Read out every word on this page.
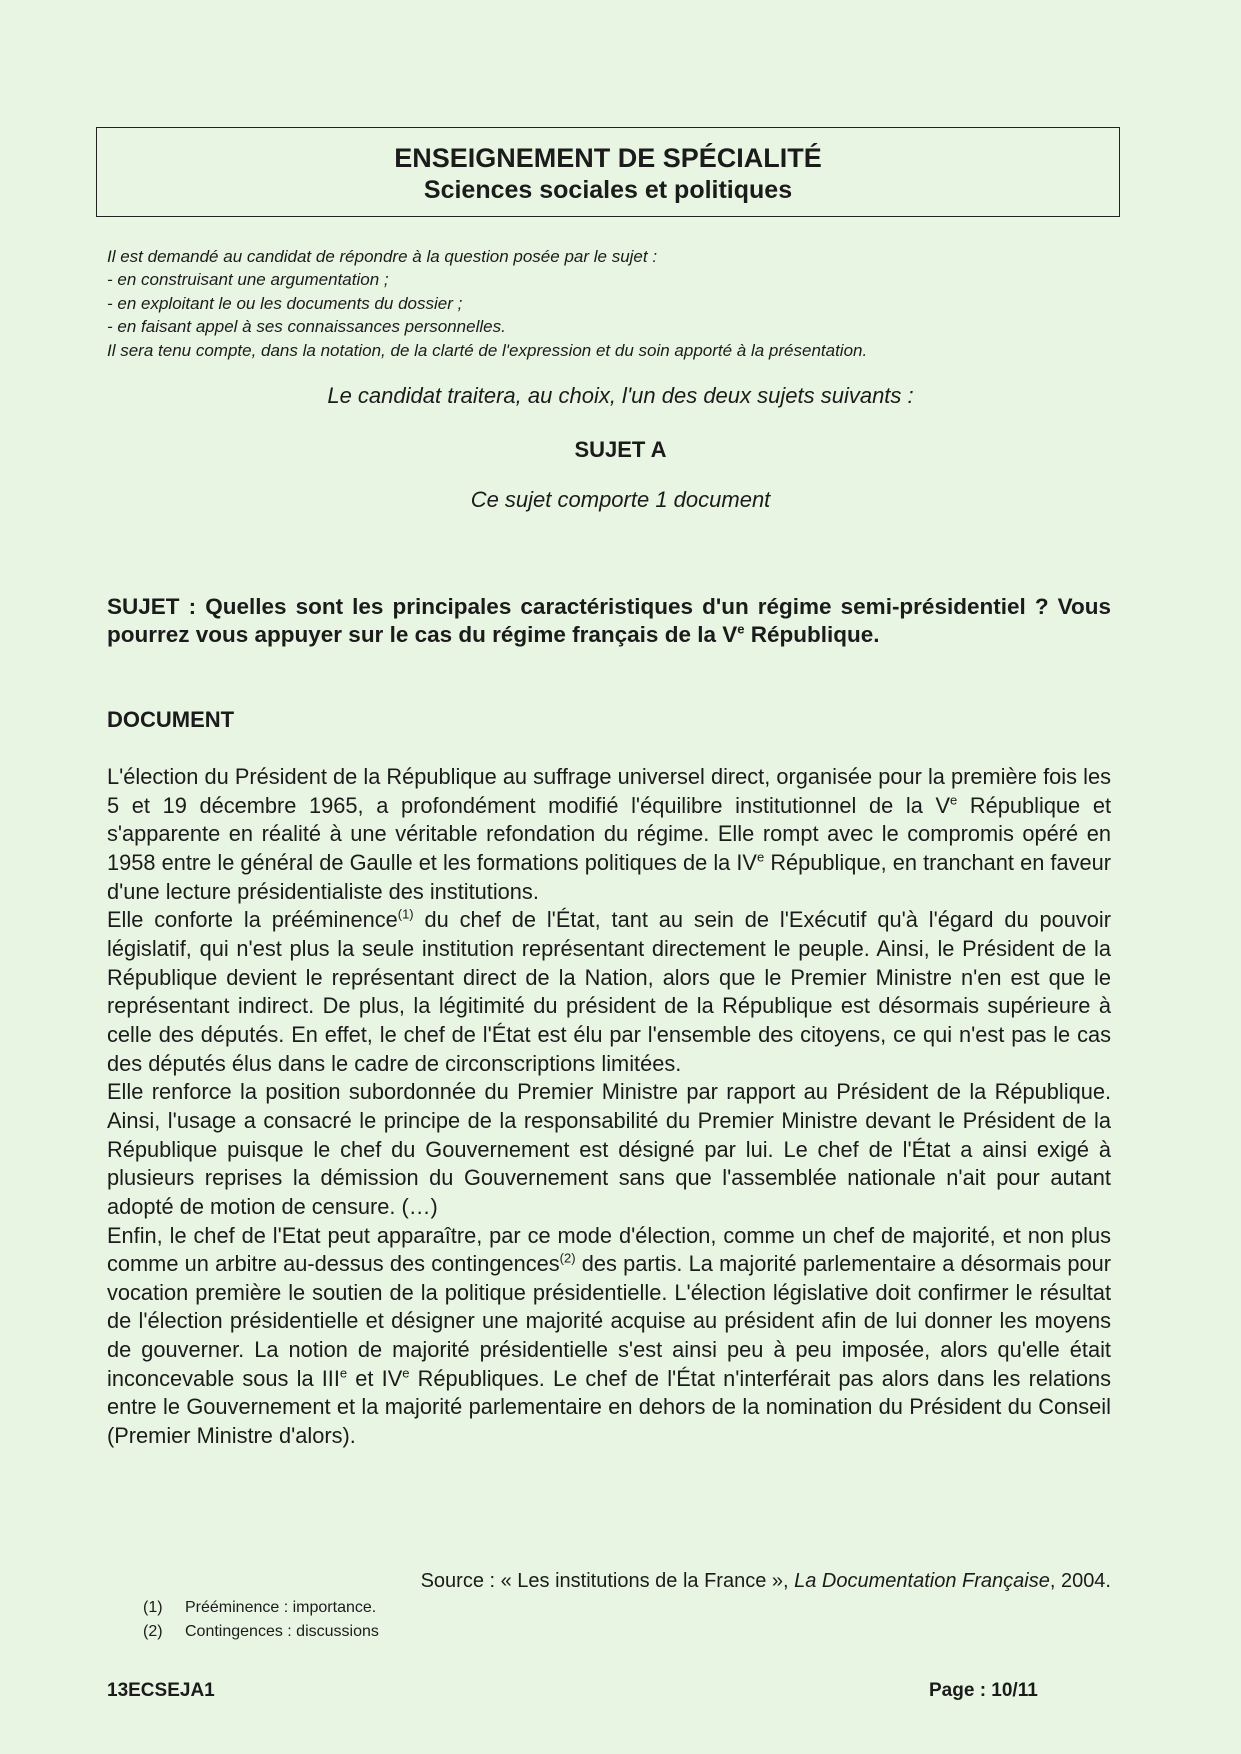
ENSEIGNEMENT DE SPÉCIALITÉ
Sciences sociales et politiques
Il est demandé au candidat de répondre à la question posée par le sujet :
- en construisant une argumentation ;
- en exploitant le ou les documents du dossier ;
- en faisant appel à ses connaissances personnelles.
Il sera tenu compte, dans la notation, de la clarté de l'expression et du soin apporté à la présentation.
Le candidat traitera, au choix, l'un des deux sujets suivants :
SUJET A
Ce sujet comporte 1 document
SUJET : Quelles sont les principales caractéristiques d'un régime semi-présidentiel ? Vous pourrez vous appuyer sur le cas du régime français de la Ve République.
DOCUMENT

L'élection du Président de la République au suffrage universel direct, organisée pour la première fois les 5 et 19 décembre 1965, a profondément modifié l'équilibre institutionnel de la Ve République et s'apparente en réalité à une véritable refondation du régime. Elle rompt avec le compromis opéré en 1958 entre le général de Gaulle et les formations politiques de la IVe République, en tranchant en faveur d'une lecture présidentialiste des institutions.

Elle conforte la prééminence$^{(1)}$ du chef de l'État, tant au sein de l'Exécutif qu'à l'égard du pouvoir législatif, qui n'est plus la seule institution représentant directement le peuple. Ainsi, le Président de la République devient le représentant direct de la Nation, alors que le Premier Ministre n'en est que le représentant indirect. De plus, la légitimité du président de la République est désormais supérieure à celle des députés. En effet, le chef de l'État est élu par l'ensemble des citoyens, ce qui n'est pas le cas des députés élus dans le cadre de circonscriptions limitées.

Elle renforce la position subordonnée du Premier Ministre par rapport au Président de la République. Ainsi, l'usage a consacré le principe de la responsabilité du Premier Ministre devant le Président de la République puisque le chef du Gouvernement est désigné par lui. Le chef de l'État a ainsi exigé à plusieurs reprises la démission du Gouvernement sans que l'assemblée nationale n'ait pour autant adopté de motion de censure. (…)

Enfin, le chef de l'Etat peut apparaître, par ce mode d'élection, comme un chef de majorité, et non plus comme un arbitre au-dessus des contingences$^{(2)}$ des partis. La majorité parlementaire a désormais pour vocation première le soutien de la politique présidentielle. L'élection législative doit confirmer le résultat de l'élection présidentielle et désigner une majorité acquise au président afin de lui donner les moyens de gouverner. La notion de majorité présidentielle s'est ainsi peu à peu imposée, alors qu'elle était inconcevable sous la IIIe et IVe Républiques. Le chef de l'État n'interférait pas alors dans les relations entre le Gouvernement et la majorité parlementaire en dehors de la nomination du Président du Conseil (Premier Ministre d'alors).

Source : « Les institutions de la France », La Documentation Française, 2004.
(1) Prééminence : importance.
(2) Contingences : discussions
13ECSEJA1	Page : 10/11
